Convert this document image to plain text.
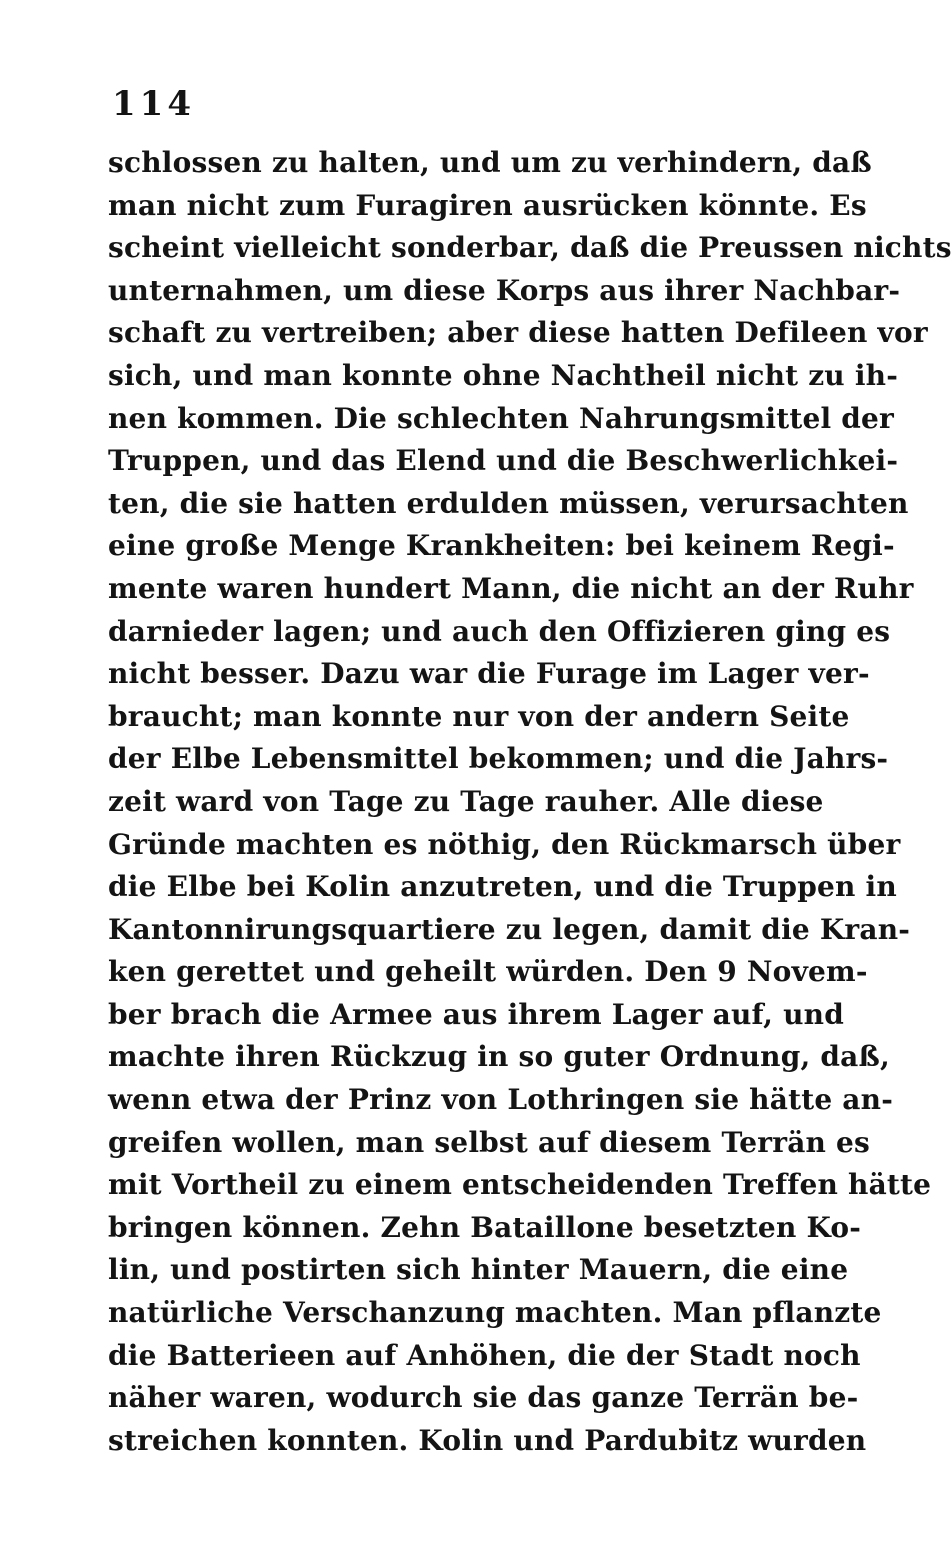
114
schlossen zu halten, und um zu verhindern, daß
man nicht zum Furagiren ausrücken könnte. Es
scheint vielleicht sonderbar, daß die Preussen nichts
unternahmen, um diese Korps aus ihrer Nachbar-
schaft zu vertreiben; aber diese hatten Defileen vor
sich, und man konnte ohne Nachtheil nicht zu ih-
nen kommen. Die schlechten Nahrungsmittel der
Truppen, und das Elend und die Beschwerlichkei-
ten, die sie hatten erdulden müssen, verursachten
eine große Menge Krankheiten: bei keinem Regi-
mente waren hundert Mann, die nicht an der Ruhr
darnieder lagen; und auch den Offizieren ging es
nicht besser. Dazu war die Furage im Lager ver-
braucht; man konnte nur von der andern Seite
der Elbe Lebensmittel bekommen; und die Jahrs-
zeit ward von Tage zu Tage rauher. Alle diese
Gründe machten es nöthig, den Rückmarsch über
die Elbe bei Kolin anzutreten, und die Truppen in
Kantonnirungsquartiere zu legen, damit die Kran-
ken gerettet und geheilt würden. Den 9 Novem-
ber brach die Armee aus ihrem Lager auf, und
machte ihren Rückzug in so guter Ordnung, daß,
wenn etwa der Prinz von Lothringen sie hätte an-
greifen wollen, man selbst auf diesem Terrän es
mit Vortheil zu einem entscheidenden Treffen hätte
bringen können. Zehn Bataillone besetzten Ko-
lin, und postirten sich hinter Mauern, die eine
natürliche Verschanzung machten. Man pflanzte
die Batterieen auf Anhöhen, die der Stadt noch
näher waren, wodurch sie das ganze Terrän be-
streichen konnten. Kolin und Pardubitz wurden
